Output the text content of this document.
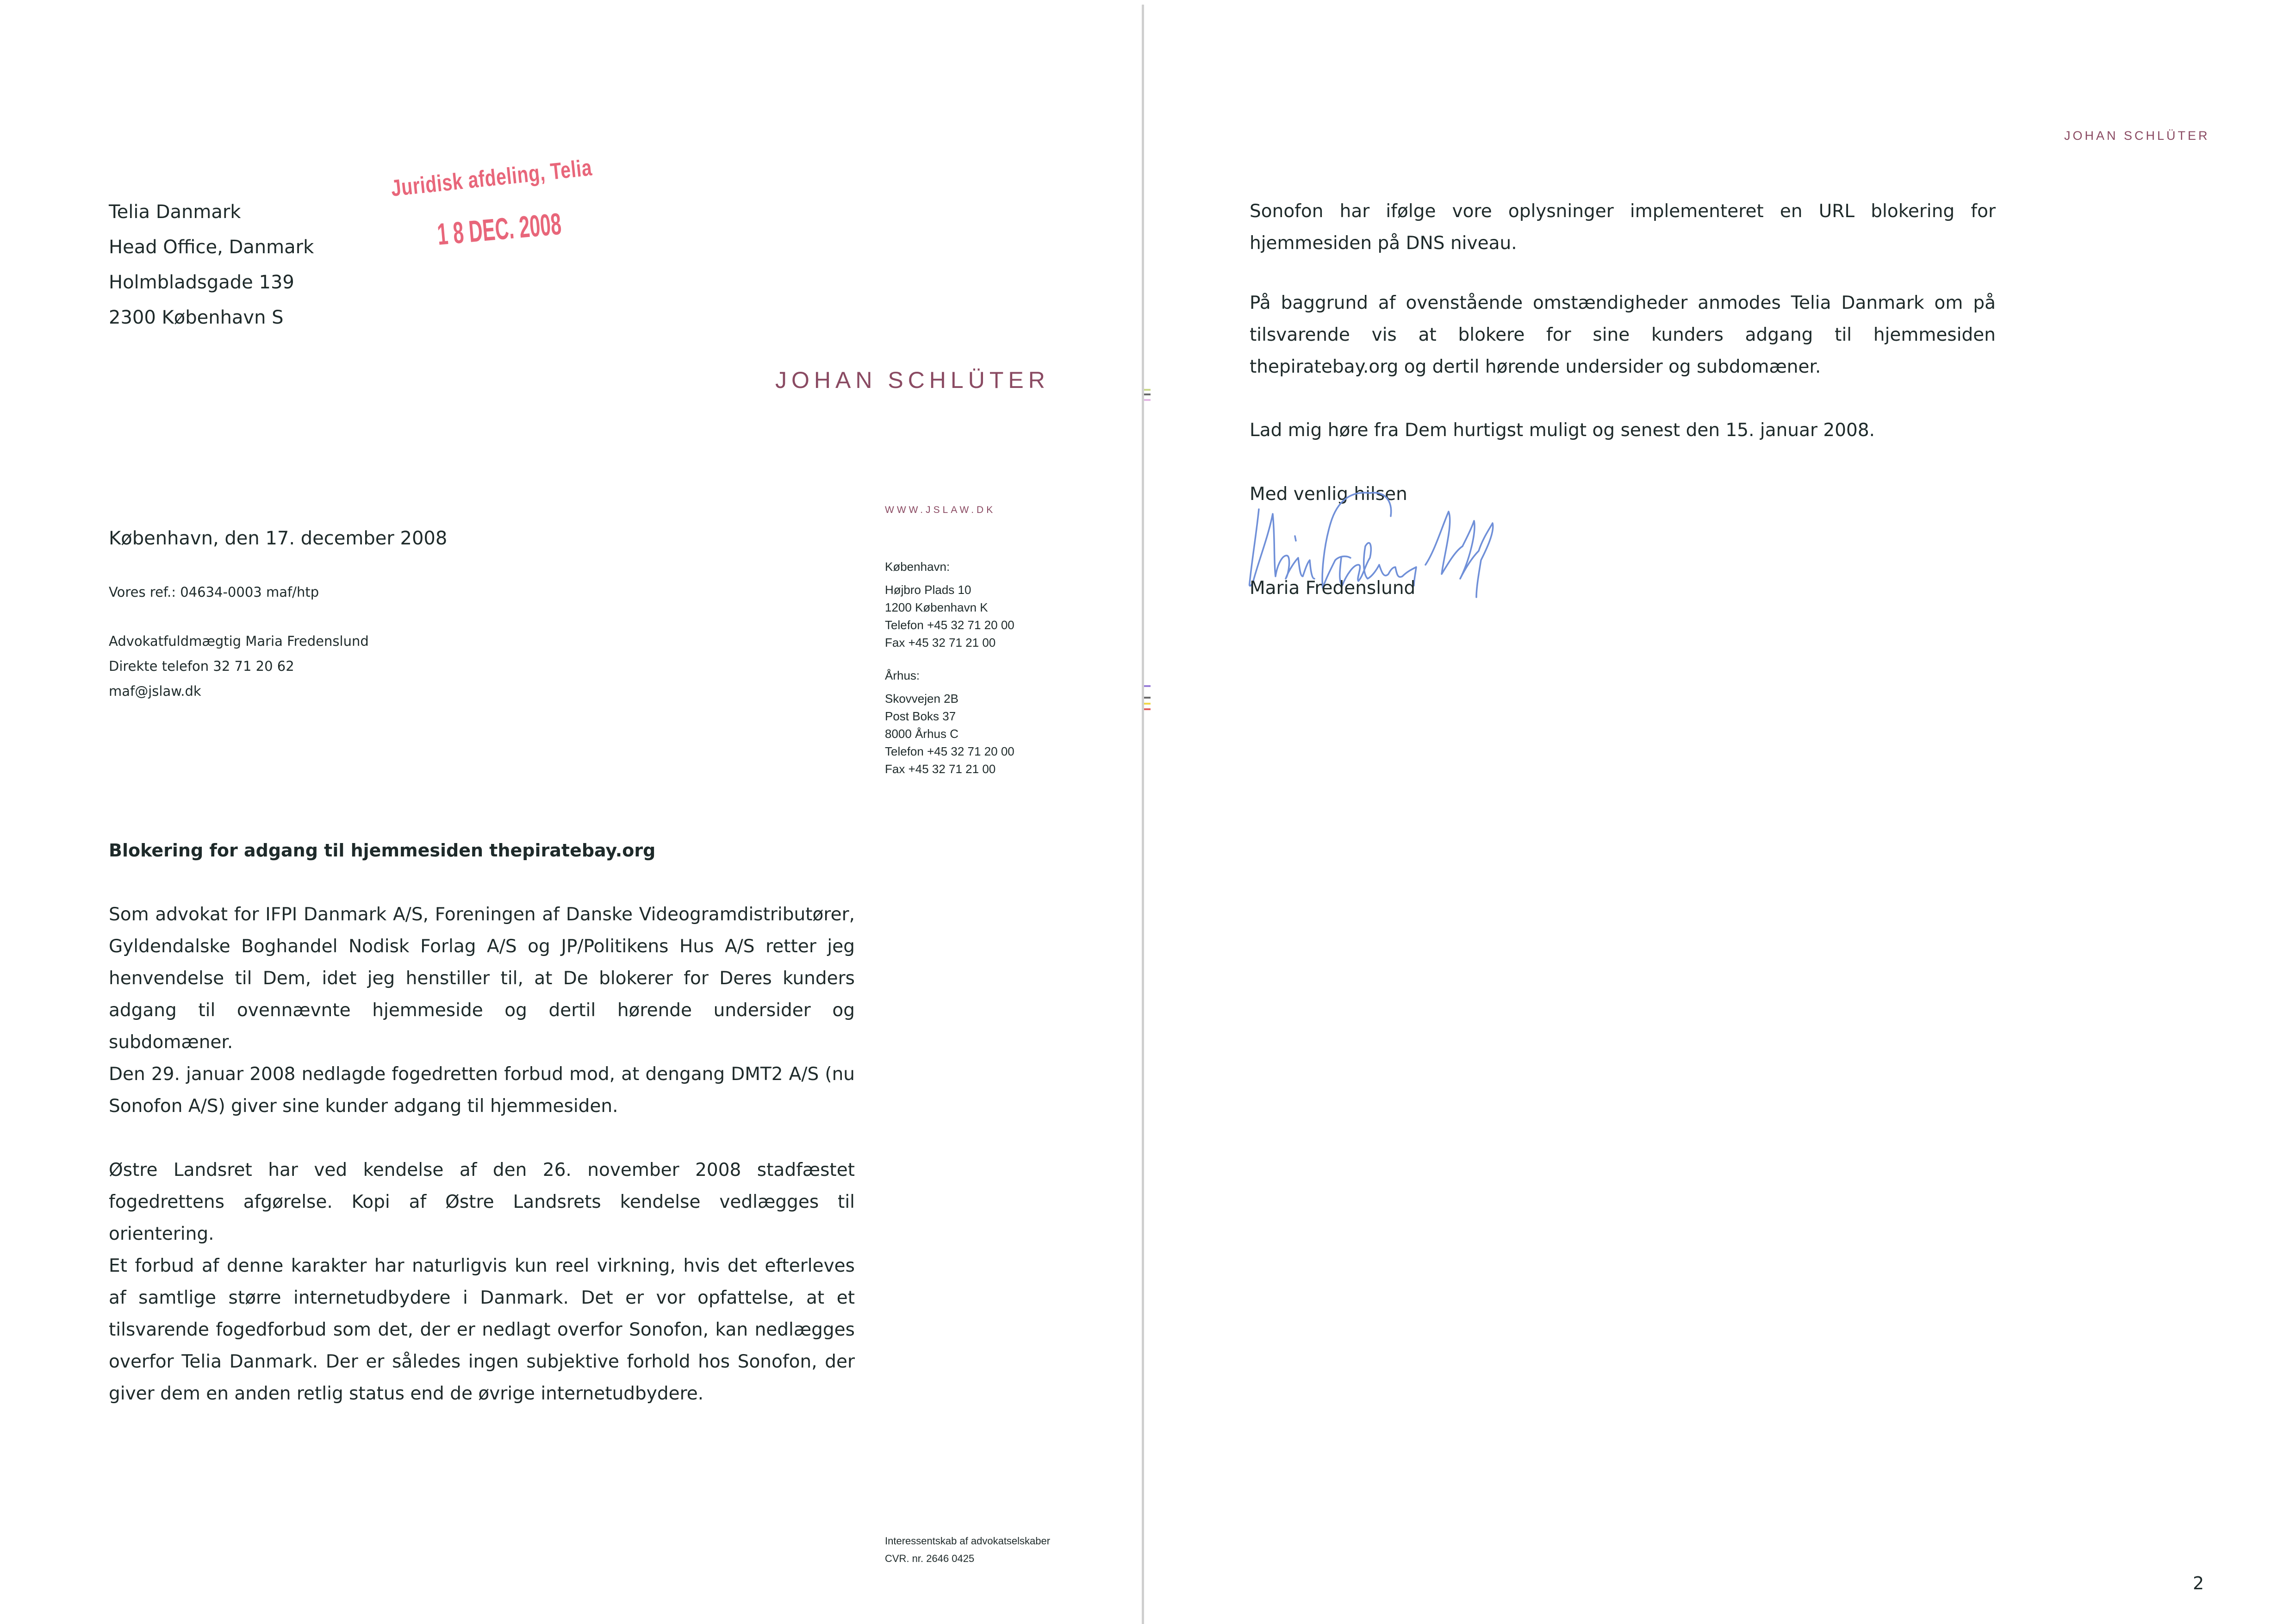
Telia Danmark
Head Office, Danmark
Holmbladsgade 139
2300 København S
Juridisk afdeling, Telia
1 8 DEC. 2008
JOHAN SCHLÜTER
København, den 17. december 2008
Vores ref.: 04634-0003 maf/htp
Advokatfuldmægtig Maria Fredenslund
Direkte telefon 32 71 20 62
maf@jslaw.dk
WWW.JSLAW.DK
København:
Højbro Plads 10
1200 København K
Telefon +45 32 71 20 00
Fax +45 32 71 21 00
Århus:
Skovvejen 2B
Post Boks 37
8000 Århus C
Telefon +45 32 71 20 00
Fax +45 32 71 21 00
Blokering for adgang til hjemmesiden thepiratebay.org
Som advokat for IFPI Danmark A/S, Foreningen af Danske Videogramdistributører, Gyldendalske Boghandel Nodisk Forlag A/S og JP/Politikens Hus A/S retter jeg henvendelse til Dem, idet jeg henstiller til, at De blokerer for Deres kunders adgang til ovennævnte hjemmeside og dertil hørende undersider og subdomæner.
Den 29. januar 2008 nedlagde fogedretten forbud mod, at dengang DMT2 A/S (nu Sonofon A/S) giver sine kunder adgang til hjemmesiden.
Østre Landsret har ved kendelse af den 26. november 2008 stadfæstet fogedrettens afgørelse. Kopi af Østre Landsrets kendelse vedlægges til orientering.
Et forbud af denne karakter har naturligvis kun reel virkning, hvis det efterleves af samtlige større internetudbydere i Danmark. Det er vor opfattelse, at et tilsvarende fogedforbud som det, der er nedlagt overfor Sonofon, kan nedlægges overfor Telia Danmark. Der er således ingen subjektive forhold hos Sonofon, der giver dem en anden retlig status end de øvrige internetudbydere.
Interessentskab af advokatselskaber
CVR. nr. 2646 0425
JOHAN SCHLÜTER
Sonofon har ifølge vore oplysninger implementeret en URL blokering for hjemmesiden på DNS niveau.
På baggrund af ovenstående omstændigheder anmodes Telia Danmark om på tilsvarende vis at blokere for sine kunders adgang til hjemmesiden thepiratebay.org og dertil hørende undersider og subdomæner.
Lad mig høre fra Dem hurtigst muligt og senest den 15. januar 2008.
Med venlig hilsen
Maria Fredenslund
2
